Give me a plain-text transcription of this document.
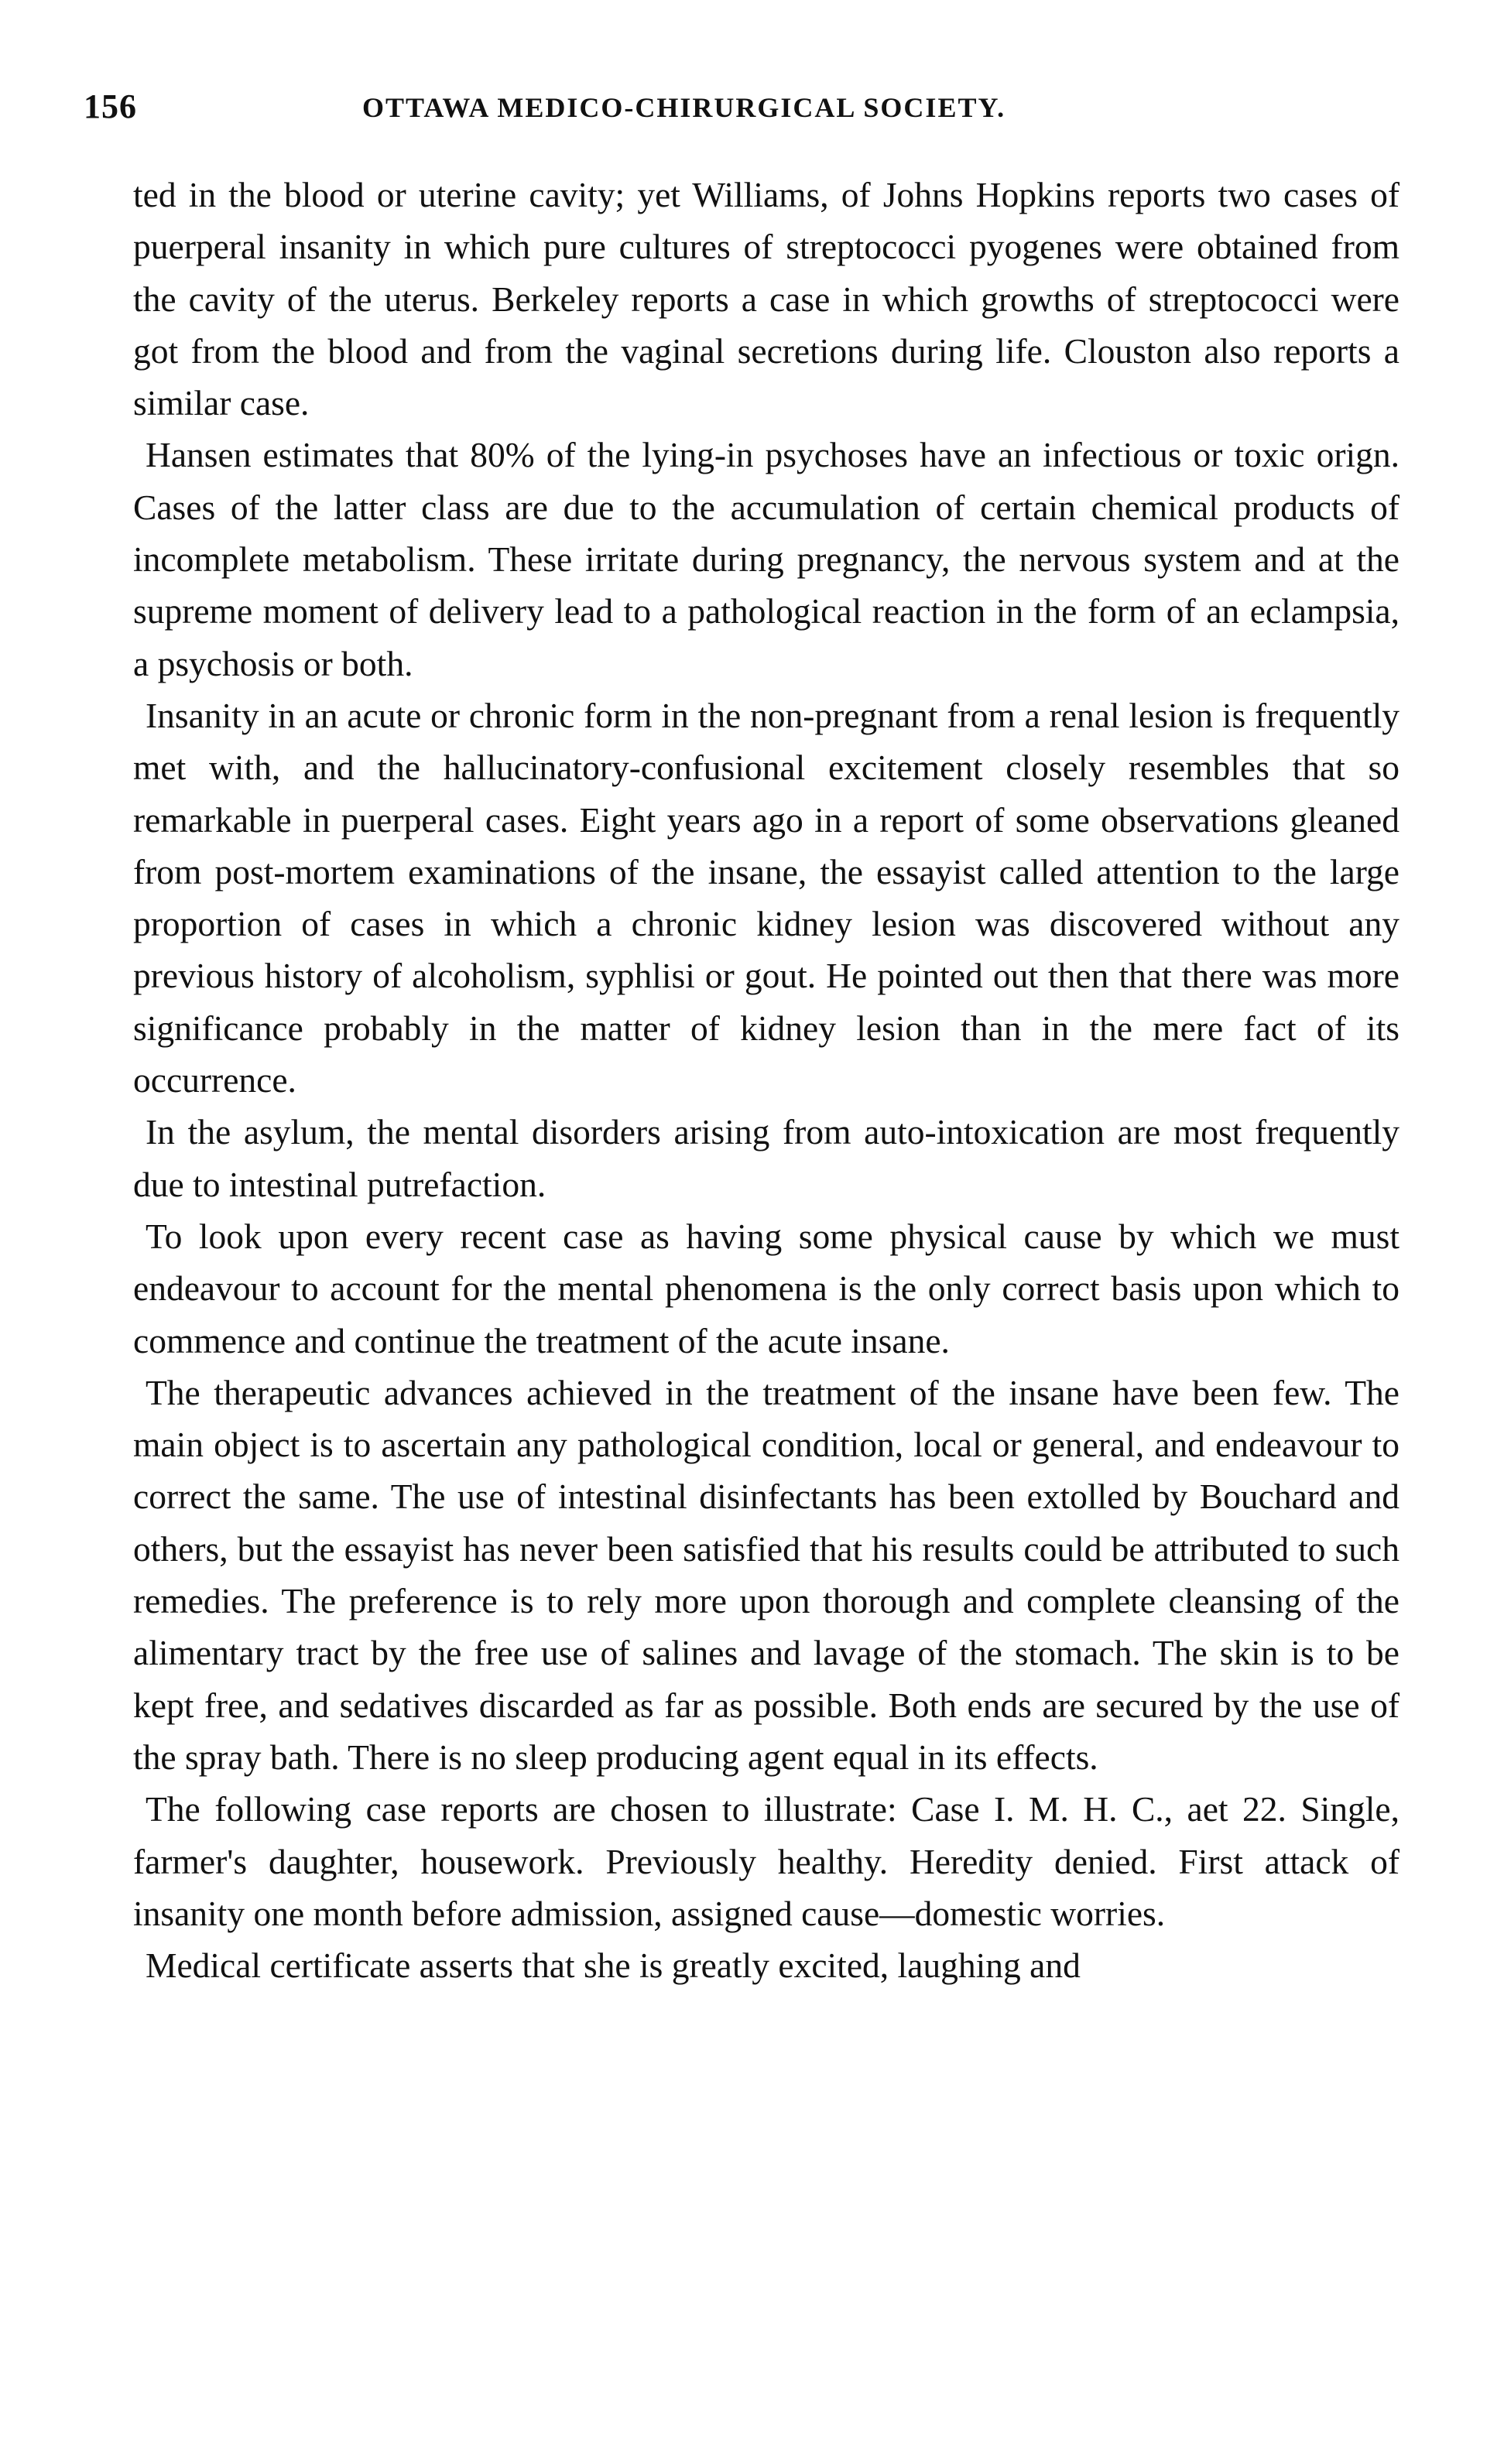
156	OTTAWA MEDICO-CHIRURGICAL SOCIETY.

ted in the blood or uterine cavity; yet Williams, of Johns Hopkins reports two cases of puerperal insanity in which pure cultures of streptococci pyogenes were obtained from the cavity of the uterus. Berkeley reports a case in which growths of streptococci were got from the blood and from the vaginal secretions during life. Clouston also reports a similar case.

Hansen estimates that 80% of the lying-in psychoses have an infectious or toxic orign. Cases of the latter class are due to the accumulation of certain chemical products of incomplete metabolism. These irritate during pregnancy, the nervous system and at the supreme moment of delivery lead to a pathological reaction in the form of an eclampsia, a psychosis or both.

Insanity in an acute or chronic form in the non-pregnant from a renal lesion is frequently met with, and the hallucinatory-confusional excitement closely resembles that so remarkable in puerperal cases. Eight years ago in a report of some observations gleaned from post-mortem examinations of the insane, the essayist called attention to the large proportion of cases in which a chronic kidney lesion was discovered without any previous history of alcoholism, syphlisi or gout. He pointed out then that there was more significance probably in the matter of kidney lesion than in the mere fact of its occurrence.

In the asylum, the mental disorders arising from auto-intoxication are most frequently due to intestinal putrefaction.

To look upon every recent case as having some physical cause by which we must endeavour to account for the mental phenomena is the only correct basis upon which to commence and continue the treatment of the acute insane.

The therapeutic advances achieved in the treatment of the insane have been few. The main object is to ascertain any pathological condition, local or general, and endeavour to correct the same. The use of intestinal disinfectants has been extolled by Bouchard and others, but the essayist has never been satisfied that his results could be attributed to such remedies. The preference is to rely more upon thorough and complete cleansing of the alimentary tract by the free use of salines and lavage of the stomach. The skin is to be kept free, and sedatives discarded as far as possible. Both ends are secured by the use of the spray bath. There is no sleep producing agent equal in its effects.

The following case reports are chosen to illustrate: Case I. M. H. C., aet 22. Single, farmer's daughter, housework. Previously healthy. Heredity denied. First attack of insanity one month before admission, assigned cause—domestic worries.

Medical certificate asserts that she is greatly excited, laughing and
